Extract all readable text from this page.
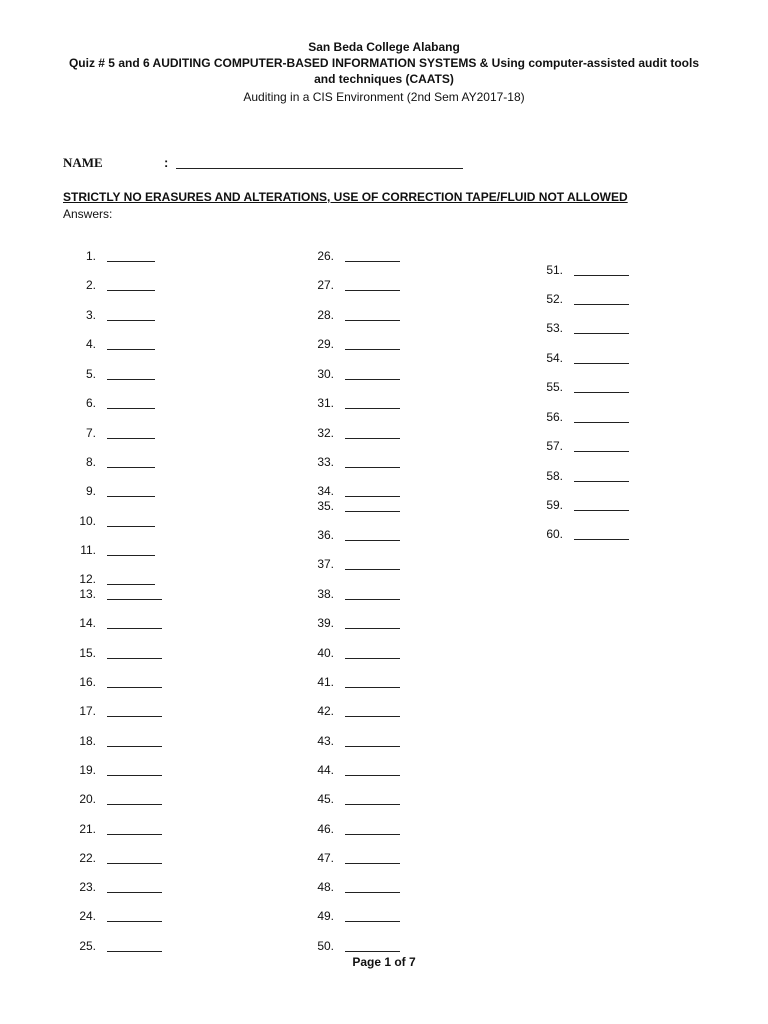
San Beda College Alabang
Quiz # 5 and 6 AUDITING COMPUTER-BASED INFORMATION SYSTEMS & Using computer-assisted audit tools
and techniques (CAATS)
Auditing in a CIS Environment (2nd Sem AY2017-18)
NAME	:
STRICTLY NO ERASURES AND ALTERATIONS, USE OF CORRECTION TAPE/FLUID NOT ALLOWED
Answers:
1.
2.
3.
4.
5.
6.
7.
8.
9.
10.
11.
12.
13.
14.
15.
16.
17.
18.
19.
20.
21.
22.
23.
24.
25.
26.
27.
28.
29.
30.
31.
32.
33.
34.
35.
36.
37.
38.
39.
40.
41.
42.
43.
44.
45.
46.
47.
48.
49.
50.
51.
52.
53.
54.
55.
56.
57.
58.
59.
60.
Page 1 of 7
